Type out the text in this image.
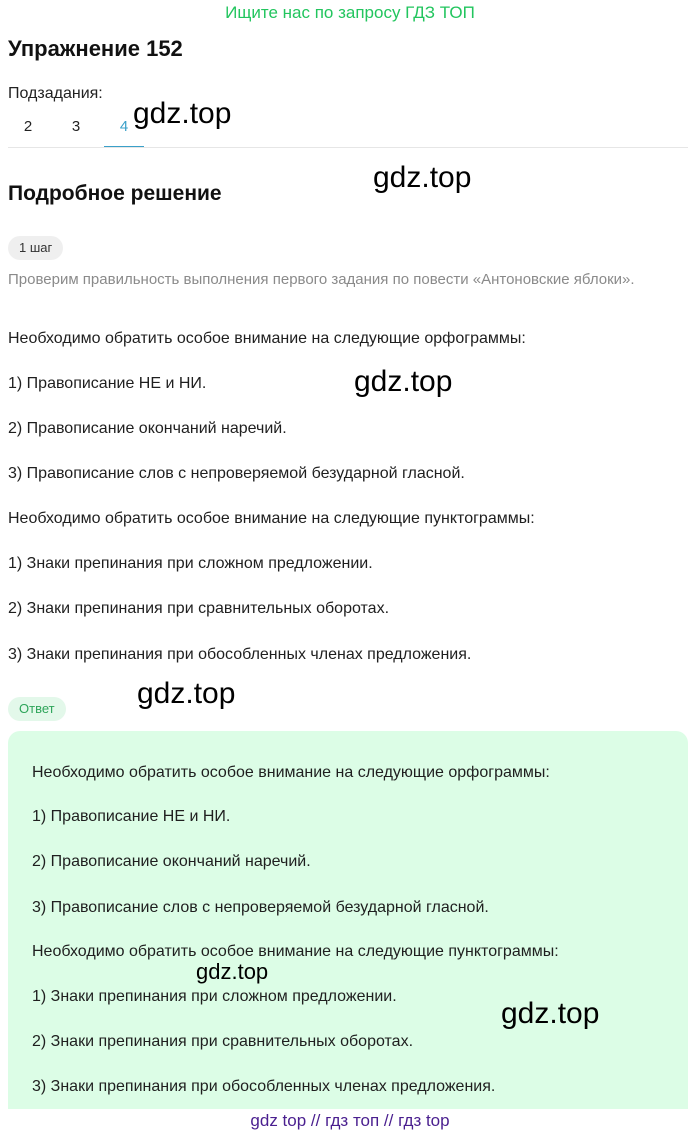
Ищите нас по запросу ГДЗ ТОП
Упражнение 152
Подзадания:
2	3	4
Подробное решение
1 шаг
Проверим правильность выполнения первого задания по повести «Антоновские яблоки».
Необходимо обратить особое внимание на следующие орфограммы:
1) Правописание НЕ и НИ.
2) Правописание окончаний наречий.
3) Правописание слов с непроверяемой безударной гласной.
Необходимо обратить особое внимание на следующие пунктограммы:
1) Знаки препинания при сложном предложении.
2) Знаки препинания при сравнительных оборотах.
3) Знаки препинания при обособленных членах предложения.
Ответ
Необходимо обратить особое внимание на следующие орфограммы:
1) Правописание НЕ и НИ.
2) Правописание окончаний наречий.
3) Правописание слов с непроверяемой безударной гласной.
Необходимо обратить особое внимание на следующие пунктограммы:
1) Знаки препинания при сложном предложении.
2) Знаки препинания при сравнительных оборотах.
3) Знаки препинания при обособленных членах предложения.
gdz.top
gdz.top
gdz.top
gdz.top
gdz.top
gdz.top
gdz top // гдз топ // гдз top
